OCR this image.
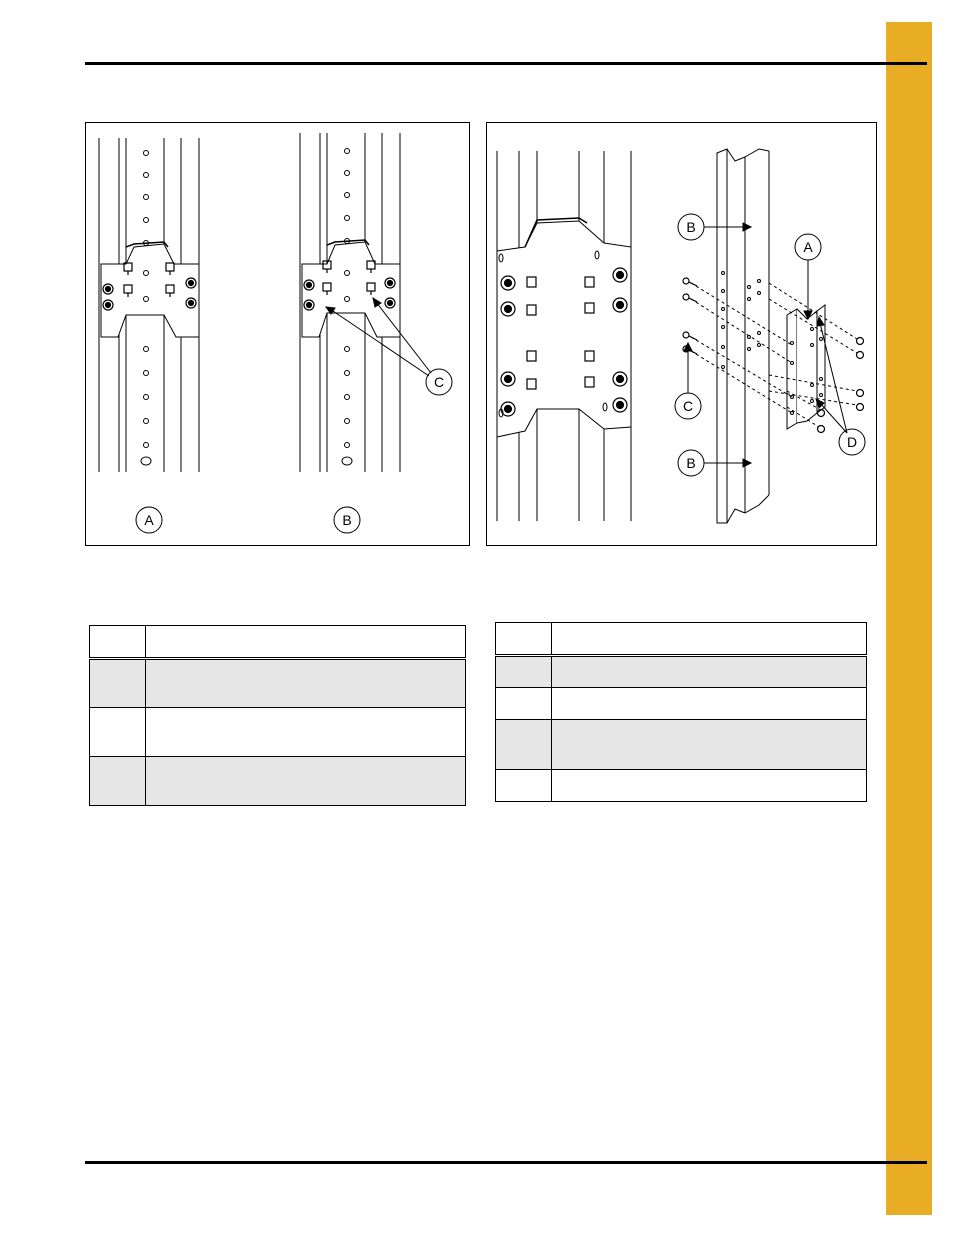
A	B
C
B
A
C
B
D
